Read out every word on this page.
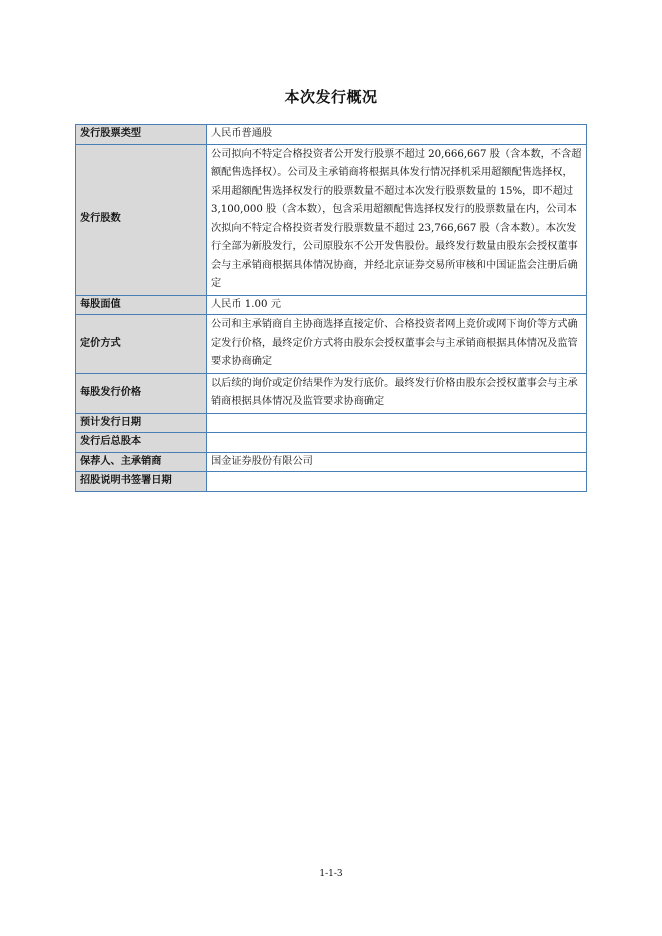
本次发行概况
发行股票类型	人民币普通股
发行股数	公司拟向不特定合格投资者公开发行股票不超过 20,666,667 股（含本数，不含超额配售选择权）。公司及主承销商将根据具体发行情况择机采用超额配售选择权，采用超额配售选择权发行的股票数量不超过本次发行股票数量的 15%，即不超过 3,100,000 股（含本数），包含采用超额配售选择权发行的股票数量在内，公司本次拟向不特定合格投资者发行股票数量不超过 23,766,667 股（含本数）。本次发行全部为新股发行，公司原股东不公开发售股份。最终发行数量由股东会授权董事会与主承销商根据具体情况协商，并经北京证券交易所审核和中国证监会注册后确定
每股面值	人民币 1.00 元
定价方式	公司和主承销商自主协商选择直接定价、合格投资者网上竞价或网下询价等方式确定发行价格，最终定价方式将由股东会授权董事会与主承销商根据具体情况及监管要求协商确定
每股发行价格	以后续的询价或定价结果作为发行底价。最终发行价格由股东会授权董事会与主承销商根据具体情况及监管要求协商确定
预计发行日期	
发行后总股本	
保荐人、主承销商	国金证券股份有限公司
招股说明书签署日期	
1-1-3
